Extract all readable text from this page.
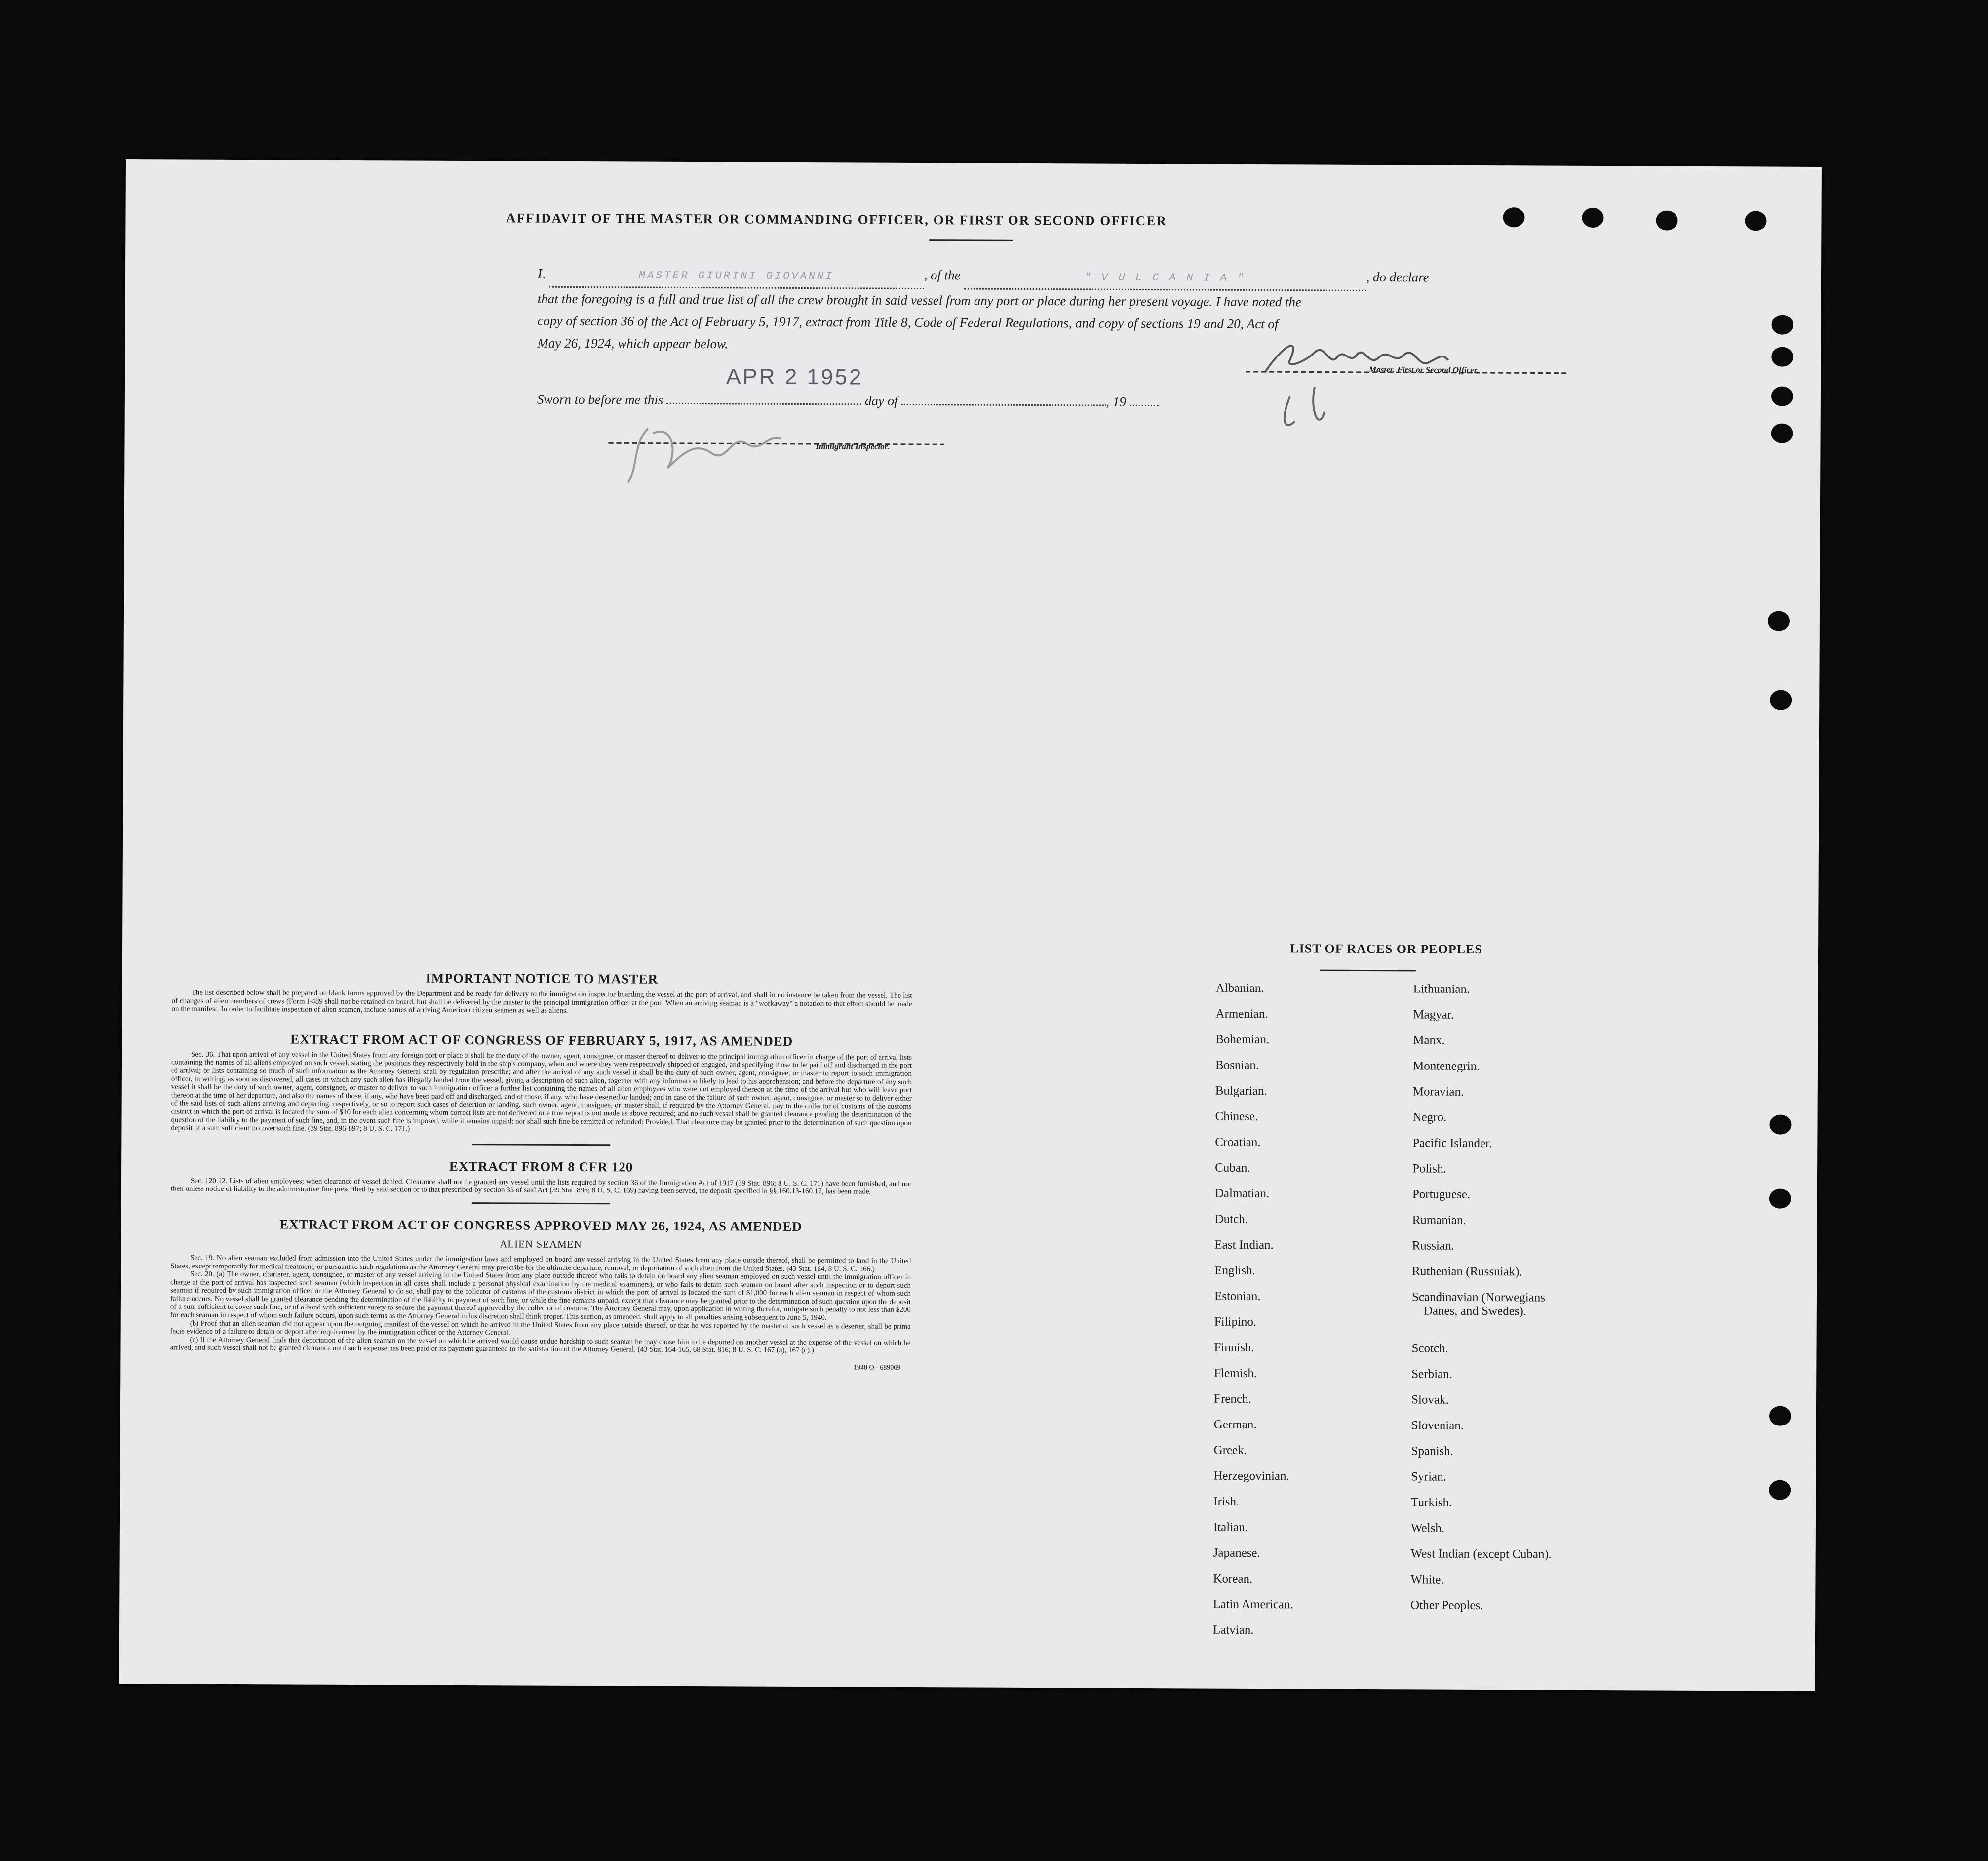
AFFIDAVIT OF THE MASTER OR COMMANDING OFFICER, OR FIRST OR SECOND OFFICER
I,	MASTER GIURINI GIOVANNI	, of the	" V U L C A N I A "	, do declare
that the foregoing is a full and true list of all the crew brought in said vessel from any port or place during her present voyage. I have noted the
copy of section 36 of the Act of February 5, 1917, extract from Title 8, Code of Federal Regulations, and copy of sections 19 and 20, Act of
May 26, 1924, which appear below.
Master, First or Second Officer.
Sworn to before me this	day of	, 19
APR 2 1952
Immigrant Inspector.
IMPORTANT NOTICE TO MASTER

The list described below shall be prepared on blank forms approved by the Department and be ready for delivery to the immigration inspector boarding the vessel at the port of arrival, and shall in no instance be taken from the vessel. The list of changes of alien members of crews (Form I-489 shall not be retained on board, but shall be delivered by the master to the principal immigration officer at the port. When an arriving seaman is a "workaway" a notation to that effect should be made on the manifest. In order to facilitate inspection of alien seamen, include names of arriving American citizen seamen as well as aliens.

EXTRACT FROM ACT OF CONGRESS OF FEBRUARY 5, 1917, AS AMENDED

Sec. 36. That upon arrival of any vessel in the United States from any foreign port or place it shall be the duty of the owner, agent, consignee, or master thereof to deliver to the principal immigration officer in charge of the port of arrival lists containing the names of all aliens employed on such vessel, stating the positions they respectively hold in the ship's company, when and where they were respectively shipped or engaged, and specifying those to be paid off and discharged in the port of arrival; or lists containing so much of such information as the Attorney General shall by regulation prescribe; and after the arrival of any such vessel it shall be the duty of such owner, agent, consignee, or master to report to such immigration officer, in writing, as soon as discovered, all cases in which any such alien has illegally landed from the vessel, giving a description of such alien, together with any information likely to lead to his apprehension; and before the departure of any such vessel it shall be the duty of such owner, agent, consignee, or master to deliver to such immigration officer a further list containing the names of all alien employees who were not employed thereon at the time of the arrival but who will leave port thereon at the time of her departure, and also the names of those, if any, who have been paid off and discharged, and of those, if any, who have deserted or landed; and in case of the failure of such owner, agent, consignee, or master so to deliver either of the said lists of such aliens arriving and departing, respectively, or so to report such cases of desertion or landing, such owner, agent, consignee, or master shall, if required by the Attorney General, pay to the collector of customs of the customs district in which the port of arrival is located the sum of $10 for each alien concerning whom correct lists are not delivered or a true report is not made as above required; and no such vessel shall be granted clearance pending the determination of the question of the liability to the payment of such fine, and, in the event such fine is imposed, while it remains unpaid; nor shall such fine be remitted or refunded: Provided, That clearance may be granted prior to the determination of such question upon deposit of a sum sufficient to cover such fine. (39 Stat. 896-897; 8 U. S. C. 171.)

EXTRACT FROM 8 CFR 120

Sec. 120.12. Lists of alien employees; when clearance of vessel denied. Clearance shall not be granted any vessel until the lists required by section 36 of the Immigration Act of 1917 (39 Stat. 896; 8 U. S. C. 171) have been furnished, and not then unless notice of liability to the administrative fine prescribed by said section or to that prescribed by section 35 of said Act (39 Stat. 896; 8 U. S. C. 169) having been served, the deposit specified in §§ 160.13-160.17, has been made.

EXTRACT FROM ACT OF CONGRESS APPROVED MAY 26, 1924, AS AMENDED
ALIEN SEAMEN

Sec. 19. No alien seaman excluded from admission into the United States under the immigration laws and employed on board any vessel arriving in the United States from any place outside thereof, shall be permitted to land in the United States, except temporarily for medical treatment, or pursuant to such regulations as the Attorney General may prescribe for the ultimate departure, removal, or deportation of such alien from the United States. (43 Stat. 164, 8 U. S. C. 166.)

Sec. 20. (a) The owner, charterer, agent, consignee, or master of any vessel arriving in the United States from any place outside thereof who fails to detain on board any alien seaman employed on such vessel until the immigration officer in charge at the port of arrival has inspected such seaman (which inspection in all cases shall include a personal physical examination by the medical examiners), or who fails to detain such seaman on board after such inspection or to deport such seaman if required by such immigration officer or the Attorney General to do so, shall pay to the collector of customs of the customs district in which the port of arrival is located the sum of $1,000 for each alien seaman in respect of whom such failure occurs. No vessel shall be granted clearance pending the determination of the liability to payment of such fine, or while the fine remains unpaid, except that clearance may be granted prior to the determination of such question upon the deposit of a sum sufficient to cover such fine, or of a bond with sufficient surety to secure the payment thereof approved by the collector of customs. The Attorney General may, upon application in writing therefor, mitigate such penalty to not less than $200 for each seaman in respect of whom such failure occurs, upon such terms as the Attorney General in his discretion shall think proper. This section, as amended, shall apply to all penalties arising subsequent to June 5, 1940.

(b) Proof that an alien seaman did not appear upon the outgoing manifest of the vessel on which he arrived in the United States from any place outside thereof, or that he was reported by the master of such vessel as a deserter, shall be prima facie evidence of a failure to detain or deport after requirement by the immigration officer or the Attorney General.

(c) If the Attorney General finds that deportation of the alien seaman on the vessel on which he arrived would cause undue hardship to such seaman he may cause him to be deported on another vessel at the expense of the vessel on which he arrived, and such vessel shall not be granted clearance until such expense has been paid or its payment guaranteed to the satisfaction of the Attorney General. (43 Stat. 164-165, 68 Stat. 816; 8 U. S. C. 167 (a), 167 (c).)

1948 O - 689069
LIST OF RACES OR PEOPLES
Albanian.
Armenian.
Bohemian.
Bosnian.
Bulgarian.
Chinese.
Croatian.
Cuban.
Dalmatian.
Dutch.
East Indian.
English.
Estonian.
Filipino.
Finnish.
Flemish.
French.
German.
Greek.
Herzegovinian.
Irish.
Italian.
Japanese.
Korean.
Latin American.
Latvian.
Lithuanian.
Magyar.
Manx.
Montenegrin.
Moravian.
Negro.
Pacific Islander.
Polish.
Portuguese.
Rumanian.
Russian.
Ruthenian (Russniak).
Scandinavian (Norwegians
Danes, and Swedes).
Scotch.
Serbian.
Slovak.
Slovenian.
Spanish.
Syrian.
Turkish.
Welsh.
West Indian (except Cuban).
White.
Other Peoples.
